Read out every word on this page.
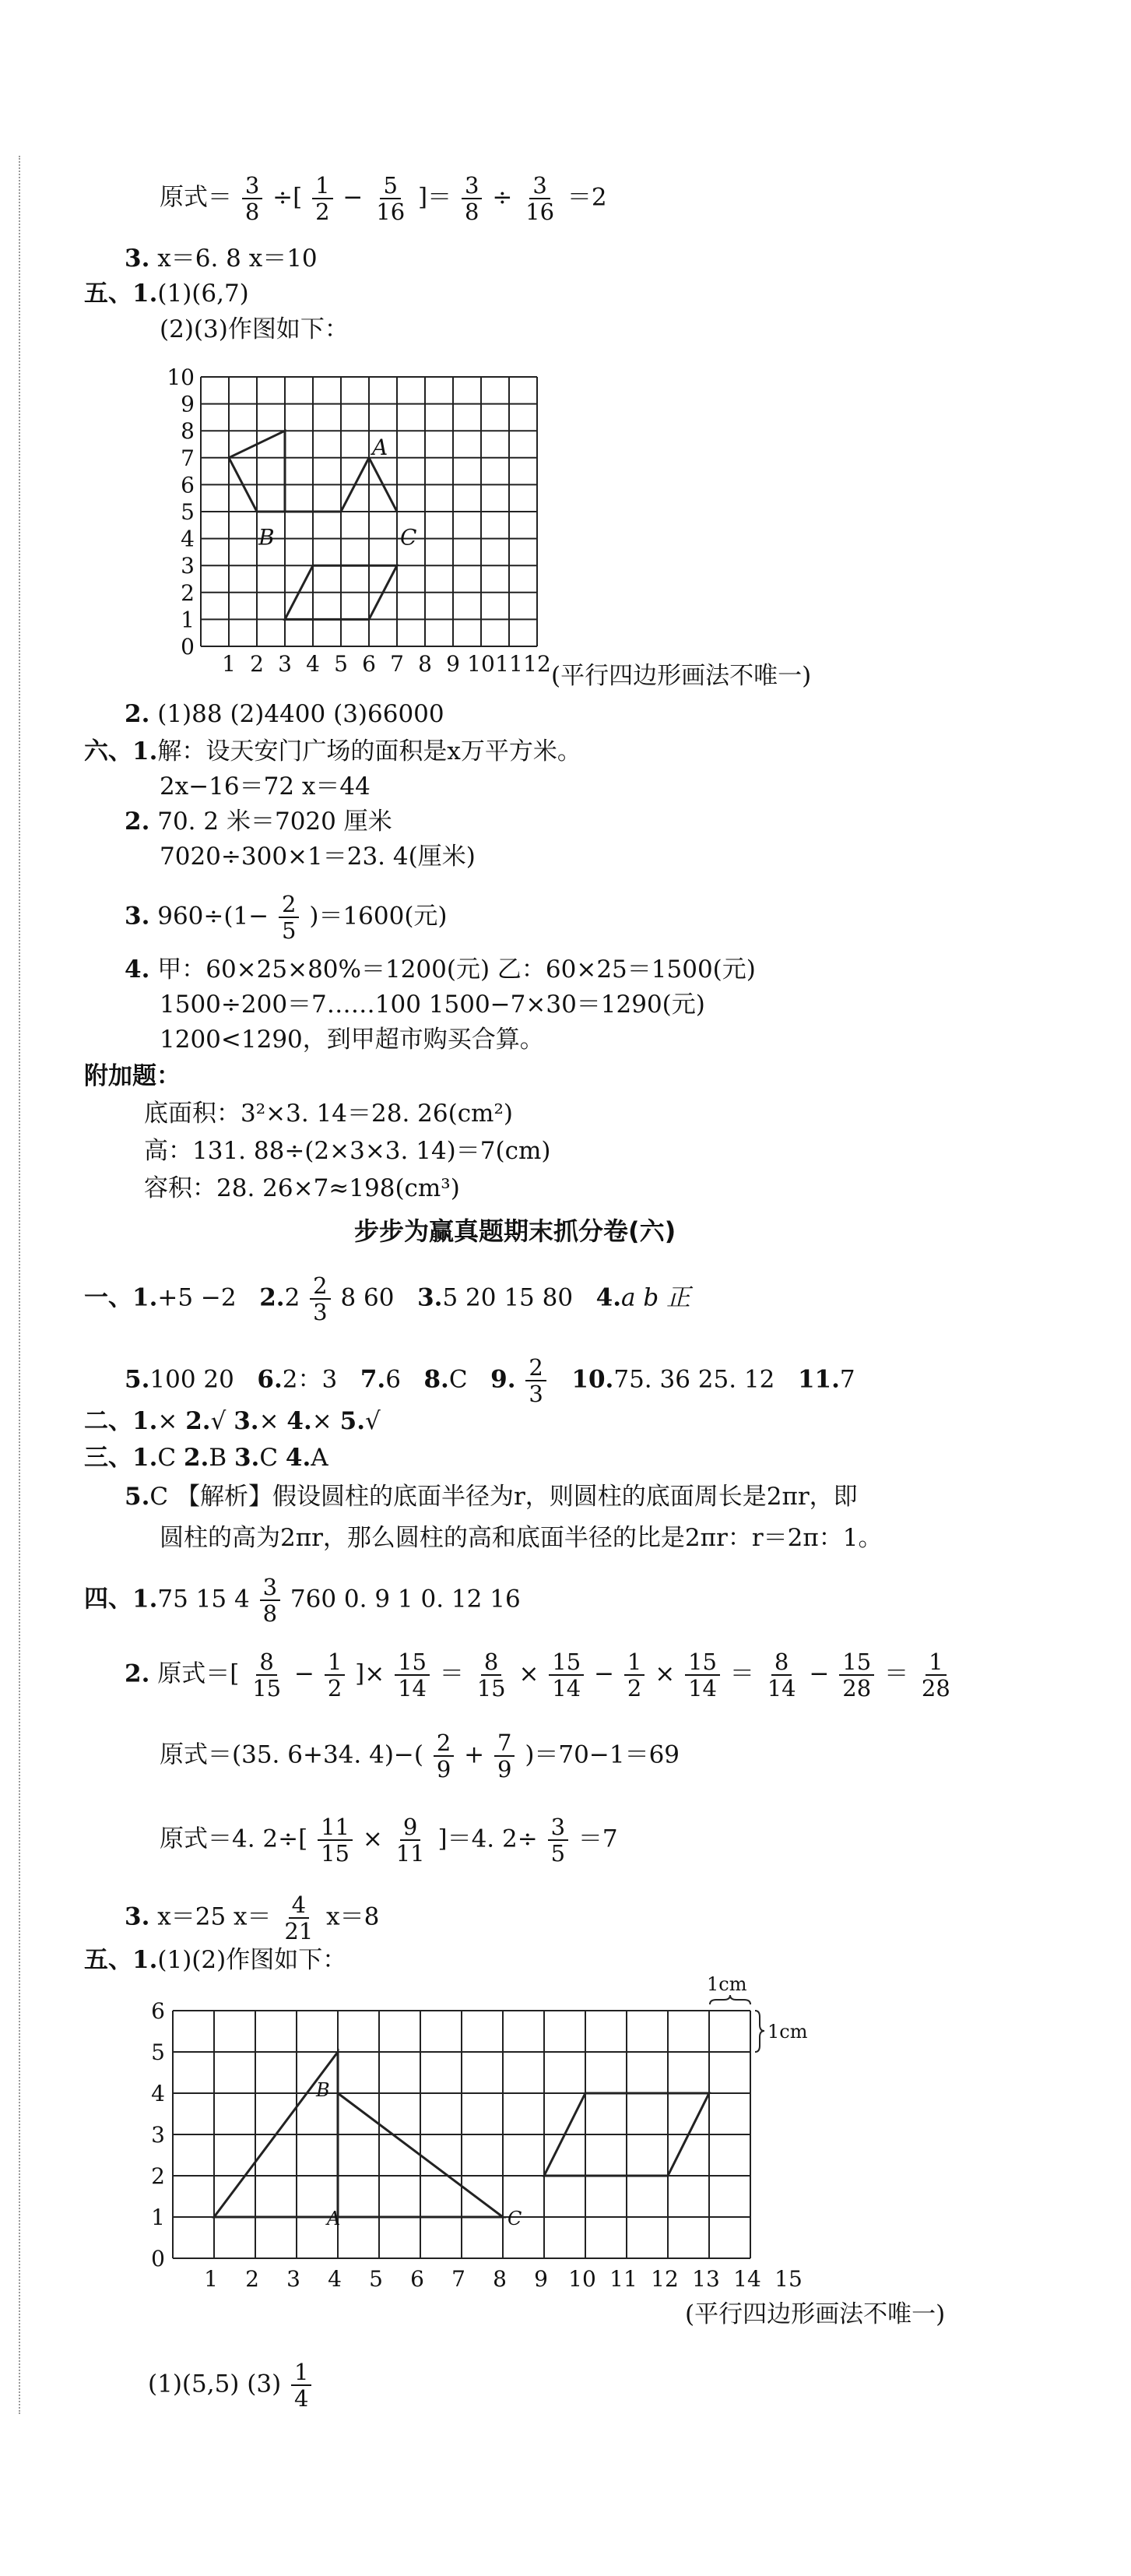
原式＝ $\frac{3}{8}$ ÷[ $\frac{1}{2} - \frac{5}{16}$ ]＝ $\frac{3}{8} \div \frac{3}{16} =2$
3. x＝6. 8 x＝10
五、1.(1)(6,7)
(2)(3)作图如下：
10
9
8
7
6
5
4
3
2
1
0
1 2 3 4 5 6 7 8 9 10 11 12
A
B	C
(平行四边形画法不唯一)
2. (1)88 (2)4400 (3)66000
六、1.解：设天安门广场的面积是x万平方米。
2x−16＝72 x＝44
2. 70. 2 米＝7020 厘米
7020÷300×1＝23. 4(厘米)
3. $960\div(1- \frac{2}{5} )=1600$(元)
4. 甲：60×25×80%＝1200(元) 乙：60×25＝1500(元)
1500÷200＝7……100 1500−7×30＝1290(元)
1200<1290，到甲超市购买合算。
附加题：
底面积：3²×3. 14＝28. 26(cm²)
高：131. 88÷(2×3×3. 14)＝7(cm)
容积：28. 26×7≈198(cm³)
步步为赢真题期末抓分卷(六)
一、1.+5 −2 $2.2 \frac{2}{3} 8$ 60 3.5 20 15 80 4.a b 正
5.100 20 6.2：3 7.6 8.C 9. $\frac{2}{3} 10.75$. 36 25. 12 11.7
二、1.× 2.√ 3.× 4.× 5.√
三、1.C 2.B 3.C 4.A
5.C 【解析】假设圆柱的底面半径为r，则圆柱的底面周长是2πr，即
圆柱的高为2πr，那么圆柱的高和底面半径的比是2πr：r＝2π：1。
四、1.75 15 $4 \frac{3}{8} 760$ 0. 9 1 0. 12 16
2. 原式＝[ $\frac{8}{15} - \frac{1}{2}$ ]× $\frac{15}{14} = \frac{8}{15} \times \frac{15}{14} - \frac{1}{2} \times \frac{15}{14} = \frac{8}{14} - \frac{15}{28} = \frac{1}{28}$
原式＝(35. 6+34. $4)-( \frac{2}{9} + \frac{7}{9} )=70-1=69$
原式＝4. $2\div[ \frac{11}{15} \times \frac{9}{11} ]=4$. $2\div \frac{3}{5} =7$
3. x＝25 $x= \frac{4}{21} x=8$
五、1.(1)(2)作图如下：
6
5
4
3
2
1
0
1 2 3 4 5 6 7 8 9 10 11 12 13 14 15
A
B
C
1cm
1cm
(平行四边形画法不唯一)
(1)(5,5) $(3) \frac{1}{4}$
